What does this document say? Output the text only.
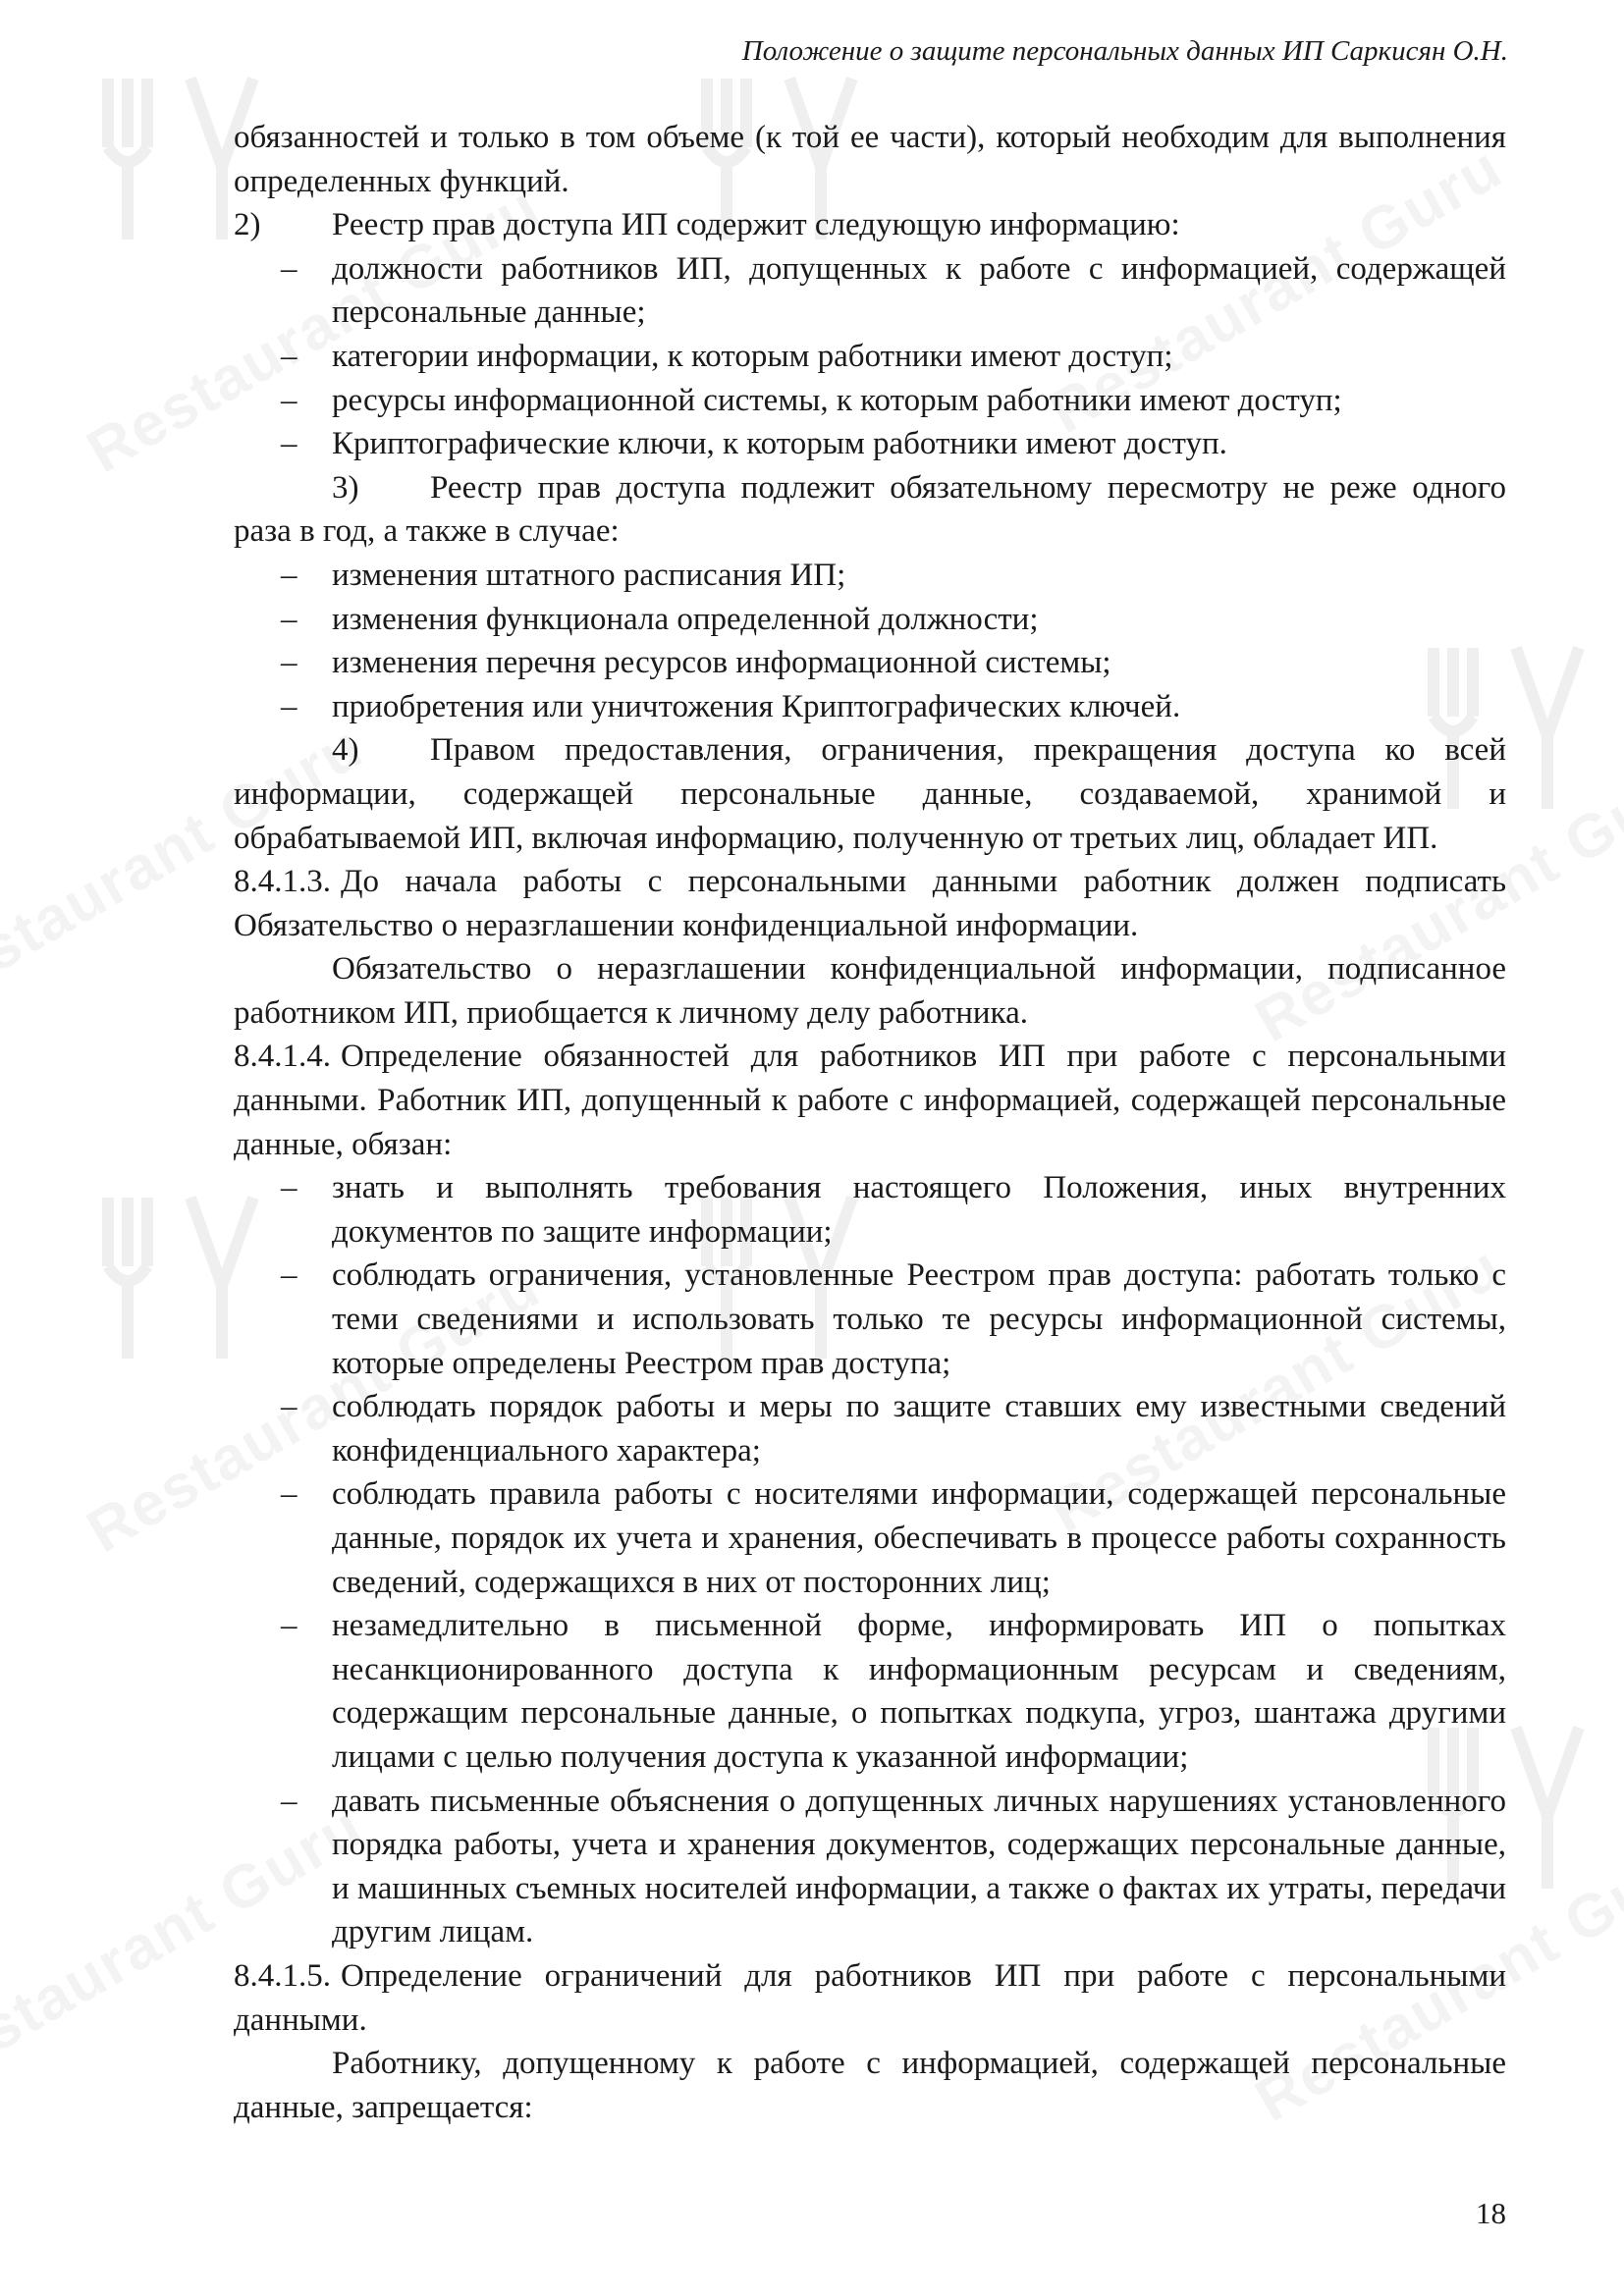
Положение о защите персональных данных ИП Саркисян О.Н.

обязанностей и только в том объеме (к той ее части), который необходим для выполнения определенных функций.

2)	Реестр прав доступа ИП содержит следующую информацию:
–	должности работников ИП, допущенных к работе с информацией, содержащей персональные данные;
–	категории информации, к которым работники имеют доступ;
–	ресурсы информационной системы, к которым работники имеют доступ;
–	Криптографические ключи, к которым работники имеют доступ.

3) Реестр прав доступа подлежит обязательному пересмотру не реже одного раза в год, а также в случае:

–	изменения штатного расписания ИП;
–	изменения функционала определенной должности;
–	изменения перечня ресурсов информационной системы;
–	приобретения или уничтожения Криптографических ключей.

4) Правом предоставления, ограничения, прекращения доступа ко всей информации, содержащей персональные данные, создаваемой, хранимой и обрабатываемой ИП, включая информацию, полученную от третьих лиц, обладает ИП.

8.4.1.3. До начала работы с персональными данными работник должен подписать Обязательство о неразглашении конфиденциальной информации.

Обязательство о неразглашении конфиденциальной информации, подписанное работником ИП, приобщается к личному делу работника.

8.4.1.4. Определение обязанностей для работников ИП при работе с персональными данными. Работник ИП, допущенный к работе с информацией, содержащей персональные данные, обязан:

–	знать и выполнять требования настоящего Положения, иных внутренних документов по защите информации;
–	соблюдать ограничения, установленные Реестром прав доступа: работать только с теми сведениями и использовать только те ресурсы информационной системы, которые определены Реестром прав доступа;
–	соблюдать порядок работы и меры по защите ставших ему известными сведений конфиденциального характера;
–	соблюдать правила работы с носителями информации, содержащей персональные данные, порядок их учета и хранения, обеспечивать в процессе работы сохранность сведений, содержащихся в них от посторонних лиц;
–	незамедлительно в письменной форме, информировать ИП о попытках несанкционированного доступа к информационным ресурсам и сведениям, содержащим персональные данные, о попытках подкупа, угроз, шантажа другими лицами с целью получения доступа к указанной информации;
–	давать письменные объяснения о допущенных личных нарушениях установленного порядка работы, учета и хранения документов, содержащих персональные данные, и машинных съемных носителей информации, а также о фактах их утраты, передачи другим лицам.

8.4.1.5. Определение ограничений для работников ИП при работе с персональными данными.

Работнику, допущенному к работе с информацией, содержащей персональные данные, запрещается:

18
